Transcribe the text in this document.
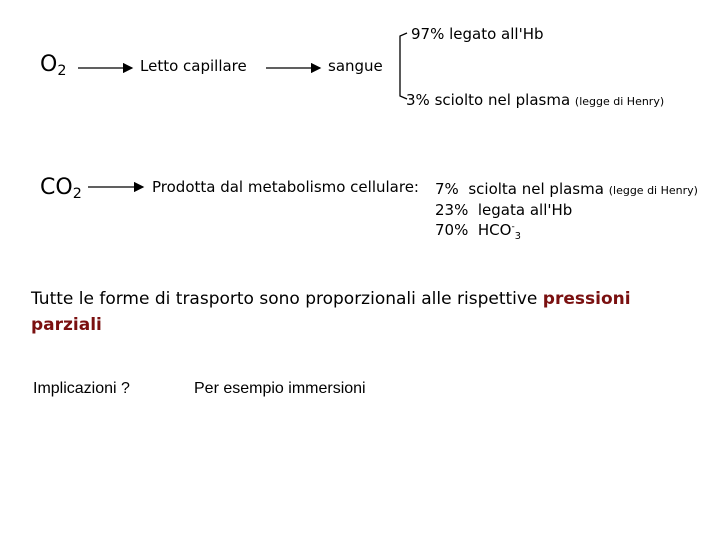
$O_2$	Letto capillare	sangue
97% legato all'Hb
3% sciolto nel plasma (legge di Henry)
$CO_2$	Prodotta dal metabolismo cellulare: 7% sciolta nel plasma (legge di Henry)
23% legata all'Hb
70% $HCO^-_3$
Tutte le forme di trasporto sono proporzionali alle rispettive pressioni parziali
Implicazioni ?	Per esempio immersioni
